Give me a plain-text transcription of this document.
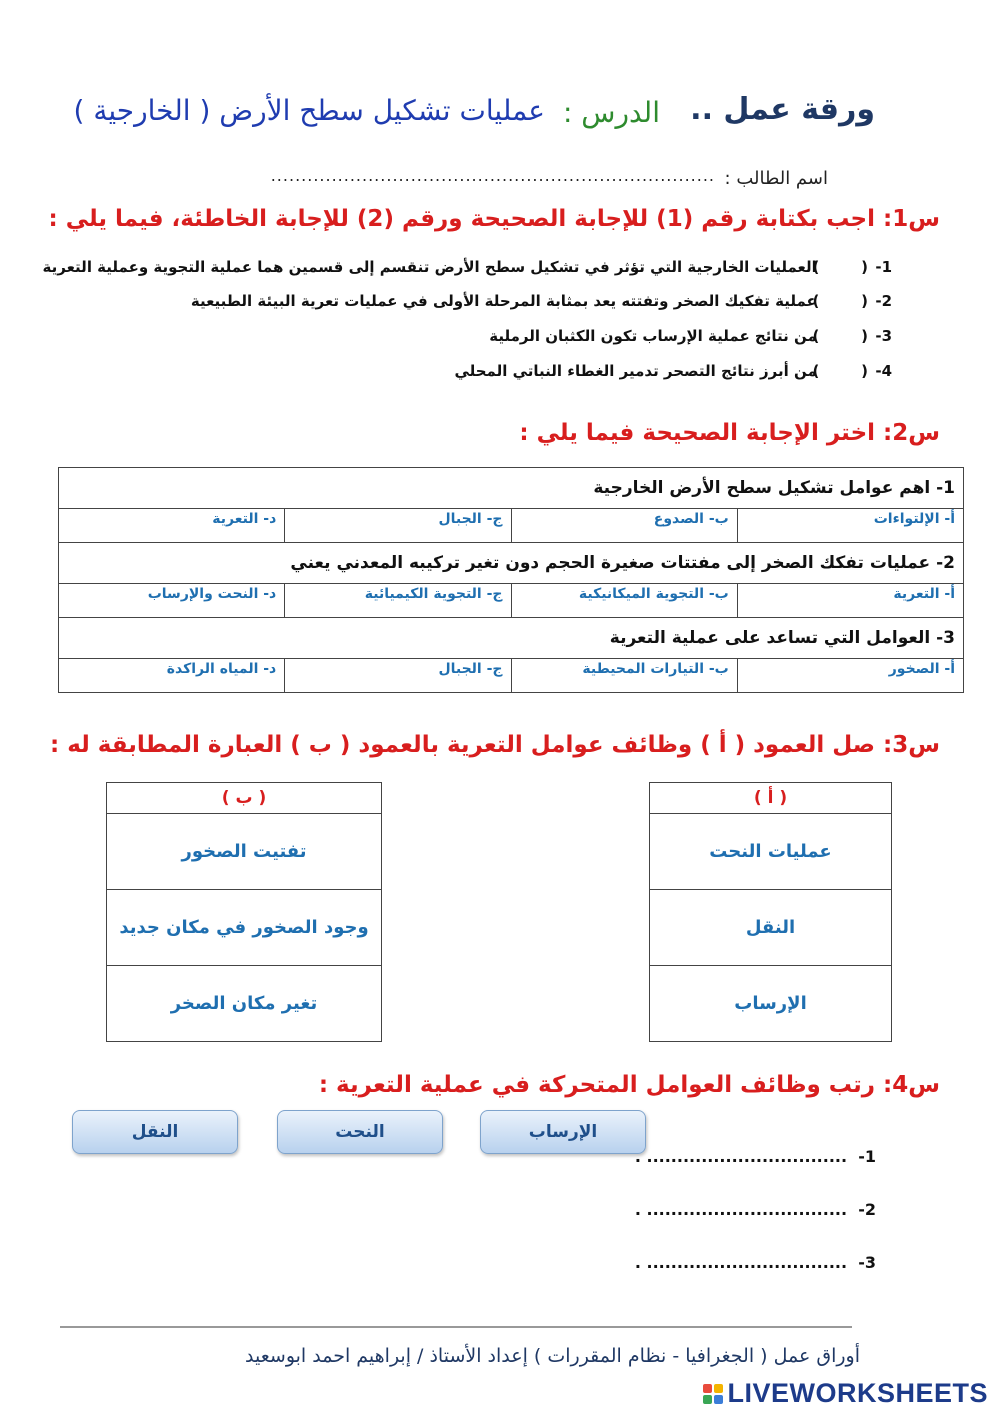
ورقة عمل ..
الدرس :
عمليات تشكيل سطح الأرض ( الخارجية )
اسم الطالب :
.........................................................................
س1: اجب بكتابة رقم (1) للإجابة الصحيحة ورقم (2) للإجابة الخاطئة، فيما يلي :
1-(        ) العمليات الخارجية التي تؤثر في تشكيل سطح الأرض تنقسم إلى قسمين هما عملية التجوية وعملية التعرية
2-(        ) عملية تفكيك الصخر وتفتته يعد بمثابة المرحلة الأولى في عمليات تعرية البيئة الطبيعية
3-(        ) من نتائج عملية الإرساب تكون الكثبان الرملية
4-(        ) من أبرز نتائج التصحر تدمير الغطاء النباتي المحلي
س2: اختر الإجابة الصحيحة فيما يلي :
1- اهم عوامل تشكيل سطح الأرض الخارجية			
أ- الإلتواءات	ب- الصدوع	ج- الجبال	د- التعرية
2- عمليات تفكك الصخر إلى مفتتات صغيرة الحجم دون تغير تركيبه المعدني يعني			
أ- التعرية	ب- التجوية الميكانيكية	ج- التجوية الكيميائية	د- النحت والإرساب
3- العوامل التي تساعد على عملية التعرية			
أ- الصخور	ب- التيارات المحيطية	ج- الجبال	د- المياه الراكدة
س3: صل العمود ( أ ) وظائف عوامل التعرية بالعمود ( ب ) العبارة المطابقة له :
( أ )
عمليات النحت
النقل
الإرساب
( ب )
تفتيت الصخور
وجود الصخور في مكان جديد
تغير مكان الصخر
س4: رتب وظائف العوامل المتحركة في عملية التعرية :
الإرساب
النحت
النقل
1-  ................................. .
2-  ................................. .
3-  ................................. .
أوراق عمل ( الجغرافيا - نظام المقررات ) إعداد الأستاذ / إبراهيم احمد ابوسعيد
LIVEWORKSHEETS
